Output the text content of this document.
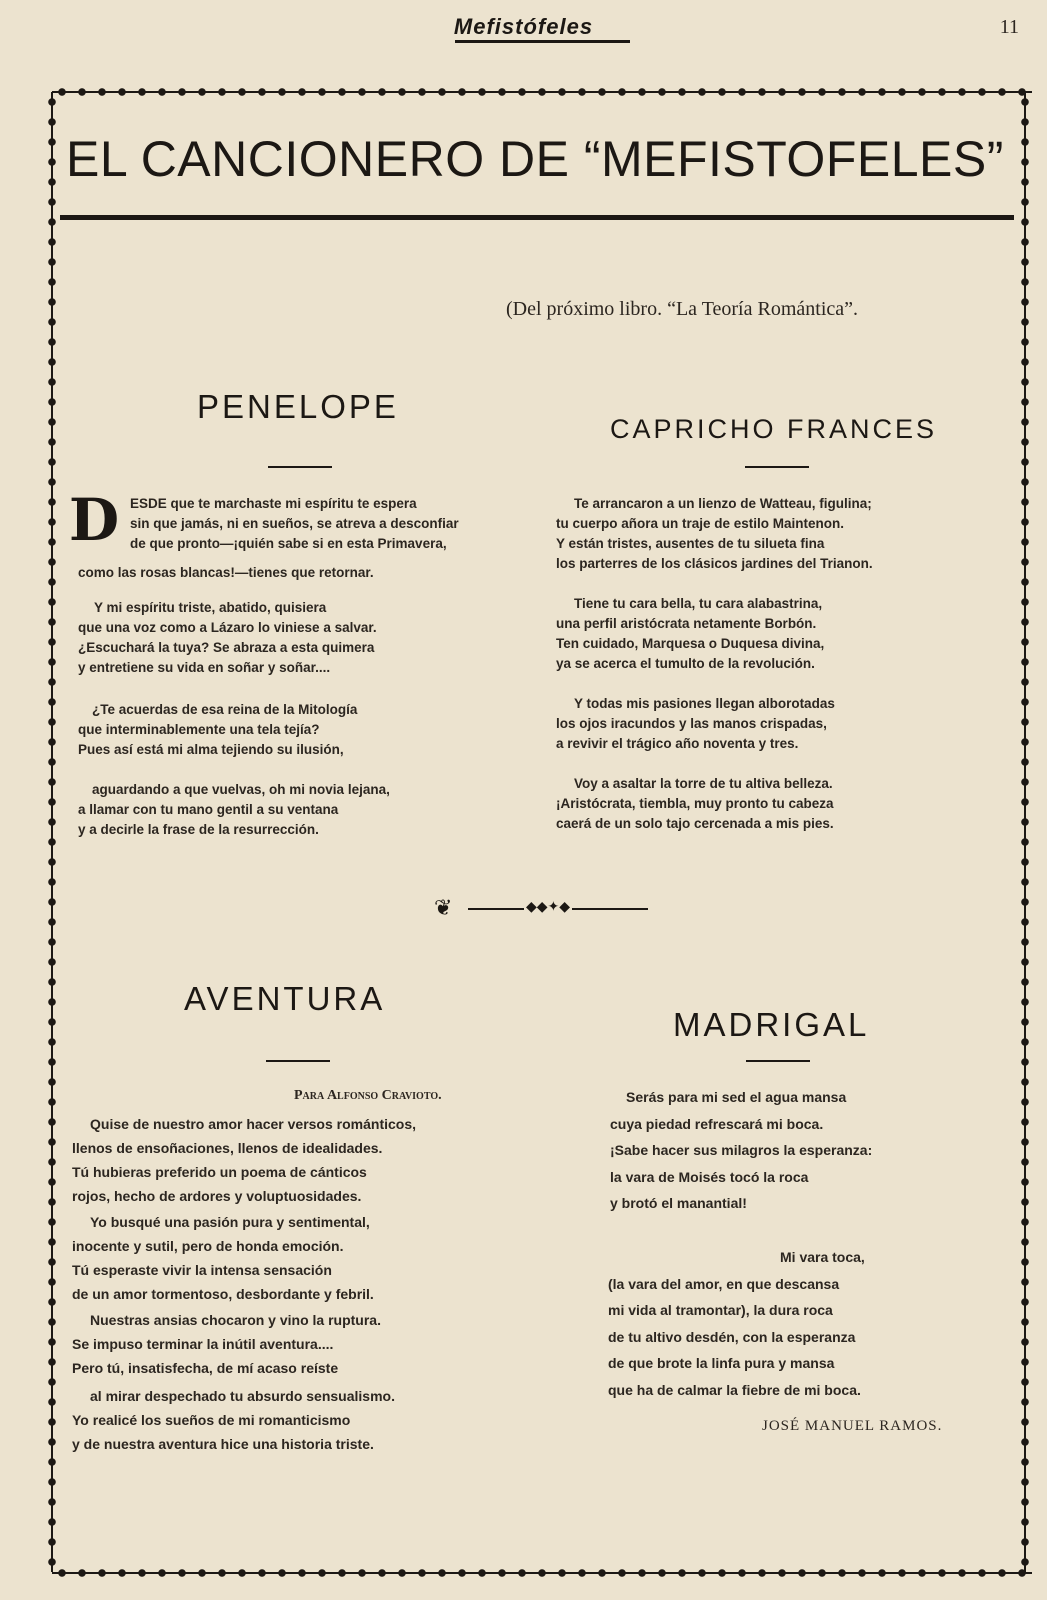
Mefistófeles	11
EL CANCIONERO DE “MEFISTOFELES”
(Del próximo libro. “La Teoría Romántica”.
PENELOPE
D ESDE que te marchaste mi espíritu te espera
sin que jamás, ni en sueños, se atreva a desconfiar
de que pronto—¡quién sabe si en esta Primavera,
como las rosas blancas!—tienes que retornar.
Y mi espíritu triste, abatido, quisiera
que una voz como a Lázaro lo viniese a salvar.
¿Escuchará la tuya? Se abraza a esta quimera
y entretiene su vida en soñar y soñar....
¿Te acuerdas de esa reina de la Mitología
que interminablemente una tela tejía?
Pues así está mi alma tejiendo su ilusión,
aguardando a que vuelvas, oh mi novia lejana,
a llamar con tu mano gentil a su ventana
y a decirle la frase de la resurrección.
CAPRICHO FRANCES
Te arrancaron a un lienzo de Watteau, figulina;
tu cuerpo añora un traje de estilo Maintenon.
Y están tristes, ausentes de tu silueta fina
los parterres de los clásicos jardines del Trianon.
Tiene tu cara bella, tu cara alabastrina,
una perfil aristócrata netamente Borbón.
Ten cuidado, Marquesa o Duquesa divina,
ya se acerca el tumulto de la revolución.
Y todas mis pasiones llegan alborotadas
los ojos iracundos y las manos crispadas,
a revivir el trágico año noventa y tres.
Voy a asaltar la torre de tu altiva belleza.
¡Aristócrata, tiembla, muy pronto tu cabeza
caerá de un solo tajo cercenada a mis pies.
❦	◆◆✦◆
AVENTURA
Para Alfonso Cravioto.
Quise de nuestro amor hacer versos románticos,
llenos de ensoñaciones, llenos de idealidades.
Tú hubieras preferido un poema de cánticos
rojos, hecho de ardores y voluptuosidades.
Yo busqué una pasión pura y sentimental,
inocente y sutil, pero de honda emoción.
Tú esperaste vivir la intensa sensación
de un amor tormentoso, desbordante y febril.
Nuestras ansias chocaron y vino la ruptura.
Se impuso terminar la inútil aventura....
Pero tú, insatisfecha, de mí acaso reíste
al mirar despechado tu absurdo sensualismo.
Yo realicé los sueños de mi romanticismo
y de nuestra aventura hice una historia triste.
MADRIGAL
Serás para mi sed el agua mansa
cuya piedad refrescará mi boca.
¡Sabe hacer sus milagros la esperanza:
la vara de Moisés tocó la roca
y brotó el manantial!
Mi vara toca,
(la vara del amor, en que descansa
mi vida al tramontar), la dura roca
de tu altivo desdén, con la esperanza
de que brote la linfa pura y mansa
que ha de calmar la fiebre de mi boca.
JOSÉ MANUEL RAMOS.
